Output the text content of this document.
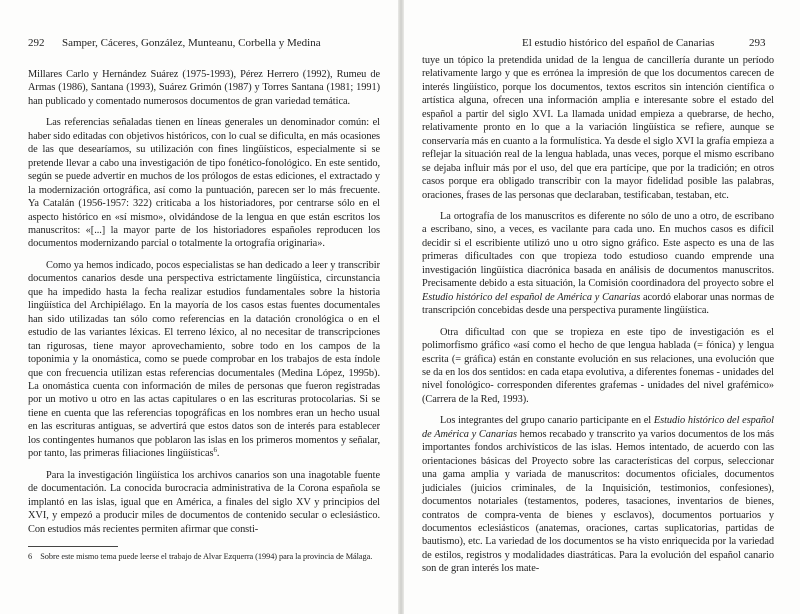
292 Samper, Cáceres, González, Munteanu, Corbella y Medina

Millares Carlo y Hernández Suárez (1975-1993), Pérez Herrero (1992), Rumeu de Armas (1986), Santana (1993), Suárez Grimón (1987) y Torres Santana (1981; 1991) han publicado y comentado numerosos documentos de gran variedad temática.

Las referencias señaladas tienen en líneas generales un denominador común: el haber sido editadas con objetivos históricos, con lo cual se dificulta, en más ocasiones de las que desearíamos, su utilización con fines lingüísticos, especialmente si se pretende llevar a cabo una investigación de tipo fonético-fonológico. En este sentido, según se puede advertir en muchos de los prólogos de estas ediciones, el extractado y la modernización ortográfica, así como la puntuación, parecen ser lo más frecuente. Ya Catalán (1956-1957: 322) criticaba a los historiadores, por centrarse sólo en el aspecto histórico en «sí mismo», olvidándose de la lengua en que están escritos los manuscritos: «[...] la mayor parte de los historiadores españoles reproducen los documentos modernizando parcial o totalmente la ortografía originaria».

Como ya hemos indicado, pocos especialistas se han dedicado a leer y transcribir documentos canarios desde una perspectiva estrictamente lingüística, circunstancia que ha impedido hasta la fecha realizar estudios fundamentales sobre la historia lingüística del Archipiélago. En la mayoría de los casos estas fuentes documentales han sido utilizadas tan sólo como referencias en la datación cronológica o en el estudio de las variantes léxicas. El terreno léxico, al no necesitar de transcripciones tan rigurosas, tiene mayor aprovechamiento, sobre todo en los campos de la toponimia y la onomástica, como se puede comprobar en los trabajos de esta índole que con frecuencia utilizan estas referencias documentales (Medina López, 1995b). La onomástica cuenta con información de miles de personas que fueron registradas por un motivo u otro en las actas capitulares o en las escrituras protocolarias. Si se tiene en cuenta que las referencias topográficas en los nombres eran un hecho usual en las escrituras antiguas, se advertirá que estos datos son de interés para establecer los contingentes humanos que poblaron las islas en los primeros momentos y señalar, por tanto, las primeras filiaciones lingüísticas$^6$.

Para la investigación lingüística los archivos canarios son una inagotable fuente de documentación. La conocida burocracia administrativa de la Corona española se implantó en las islas, igual que en América, a finales del siglo XV y principios del XVI, y empezó a producir miles de documentos de contenido secular o eclesiástico. Con estudios más recientes permiten afirmar que consti-

6 Sobre este mismo tema puede leerse el trabajo de Alvar Ezquerra (1994) para la provincia de Málaga.

El estudio histórico del español de Canarias	293

tuye un tópico la pretendida unidad de la lengua de cancillería durante un período relativamente largo y que es errónea la impresión de que los documentos carecen de interés lingüístico, porque los documentos, textos escritos sin intención científica o artística alguna, ofrecen una información amplia e interesante sobre el estado del español a partir del siglo XVI. La llamada unidad empieza a quebrarse, de hecho, relativamente pronto en lo que a la variación lingüística se refiere, aunque se conservaría más en cuanto a la formulística. Ya desde el siglo XVI la grafía empieza a reflejar la situación real de la lengua hablada, unas veces, porque el mismo escribano se dejaba influir más por el uso, del que era partícipe, que por la tradición; en otros casos porque era obligado transcribir con la mayor fidelidad posible las palabras, oraciones, frases de las personas que declaraban, testificaban, testaban, etc.

La ortografía de los manuscritos es diferente no sólo de uno a otro, de escribano a escribano, sino, a veces, es vacilante para cada uno. En muchos casos es difícil decidir si el escribiente utilizó uno u otro signo gráfico. Este aspecto es una de las primeras dificultades con que tropieza todo estudioso cuando emprende una investigación lingüística diacrónica basada en análisis de documentos manuscritos. Precisamente debido a esta situación, la Comisión coordinadora del proyecto sobre el Estudio histórico del español de América y Canarias acordó elaborar unas normas de transcripción concebidas desde una perspectiva puramente lingüística.

Otra dificultad con que se tropieza en este tipo de investigación es el polimorfismo gráfico «así como el hecho de que lengua hablada (= fónica) y lengua escrita (= gráfica) están en constante evolución en sus relaciones, una evolución que se da en los dos sentidos: en cada etapa evolutiva, a diferentes fonemas - unidades del nivel fonológico- corresponden diferentes grafemas - unidades del nivel grafémico» (Carrera de la Red, 1993).

Los integrantes del grupo canario participante en el Estudio histórico del español de América y Canarias hemos recabado y transcrito ya varios documentos de los más importantes fondos archivísticos de las islas. Hemos intentado, de acuerdo con las orientaciones básicas del Proyecto sobre las características del corpus, seleccionar una gama amplia y variada de manuscritos: documentos oficiales, documentos judiciales (juicios criminales, de la Inquisición, testimonios, confesiones), documentos notariales (testamentos, poderes, tasaciones, inventarios de bienes, contratos de compra-venta de bienes y esclavos), documentos portuarios y documentos eclesiásticos (anatemas, oraciones, cartas suplicatorias, partidas de bautismo), etc. La variedad de los documentos se ha visto enriquecida por la variedad de estilos, registros y modalidades diastráticas. Para la evolución del español canario son de gran interés los mate-
